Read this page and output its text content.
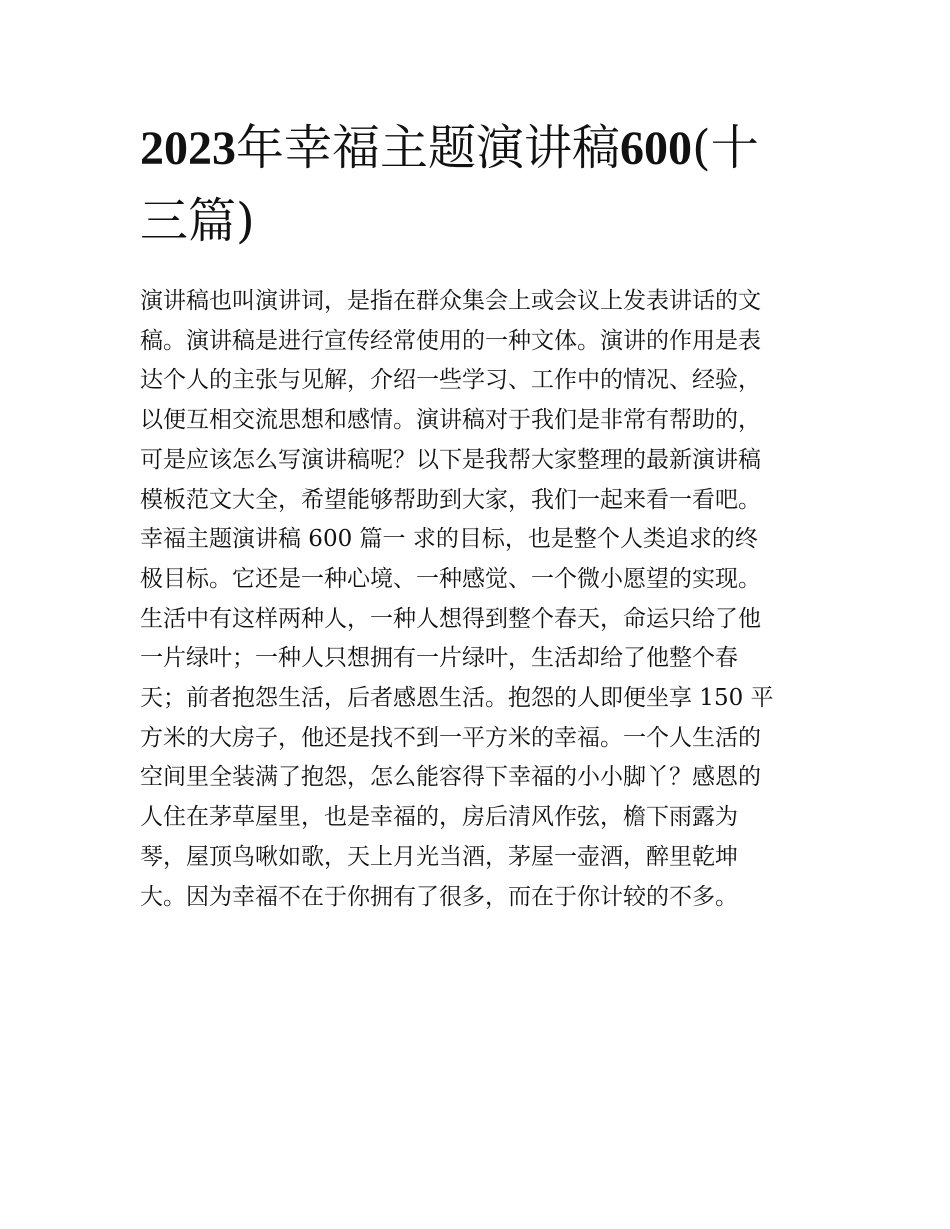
2023年幸福主题演讲稿600(十
三篇)
演讲稿也叫演讲词，是指在群众集会上或会议上发表讲话的文
稿。演讲稿是进行宣传经常使用的一种文体。演讲的作用是表
达个人的主张与见解，介绍一些学习、工作中的情况、经验，
以便互相交流思想和感情。演讲稿对于我们是非常有帮助的，
可是应该怎么写演讲稿呢？以下是我帮大家整理的最新演讲稿
模板范文大全，希望能够帮助到大家，我们一起来看一看吧。
幸福主题演讲稿 600 篇一 求的目标，也是整个人类追求的终
极目标。它还是一种心境、一种感觉、一个微小愿望的实现。
生活中有这样两种人，一种人想得到整个春天，命运只给了他
一片绿叶；一种人只想拥有一片绿叶，生活却给了他整个春
天；前者抱怨生活，后者感恩生活。抱怨的人即便坐享 150 平
方米的大房子，他还是找不到一平方米的幸福。一个人生活的
空间里全装满了抱怨，怎么能容得下幸福的小小脚丫？感恩的
人住在茅草屋里，也是幸福的，房后清风作弦，檐下雨露为
琴，屋顶鸟啾如歌，天上月光当酒，茅屋一壶酒，醉里乾坤
大。因为幸福不在于你拥有了很多，而在于你计较的不多。
